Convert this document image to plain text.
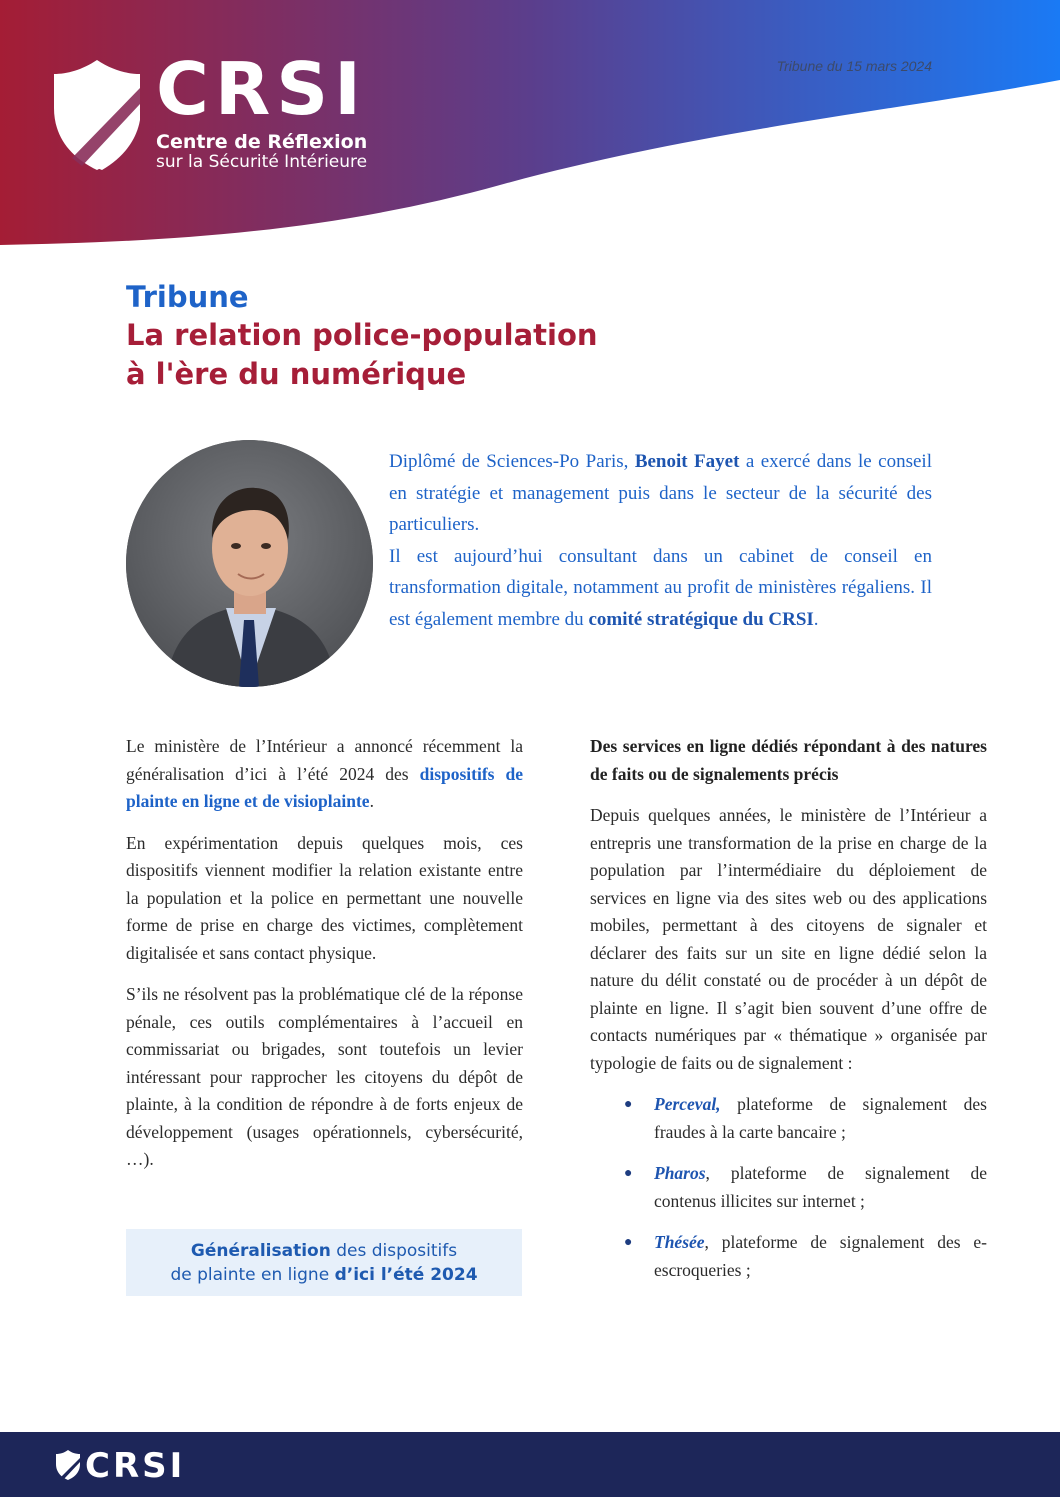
CRSI
Centre de Réflexion
sur la Sécurité Intérieure
Tribune du 15 mars 2024
Tribune
La relation police-population
à l'ère du numérique

Diplômé de Sciences-Po Paris, Benoit Fayet a exercé dans le conseil en stratégie et management puis dans le secteur de la sécurité des particuliers.

Il est aujourd’hui consultant dans un cabinet de conseil en transformation digitale, notamment au profit de ministères régaliens. Il est également membre du comité stratégique du CRSI.

Le ministère de l’Intérieur a annoncé récemment la généralisation d’ici à l’été 2024 des dispositifs de plainte en ligne et de visioplainte.

En expérimentation depuis quelques mois, ces dispositifs viennent modifier la relation existante entre la population et la police en permettant une nouvelle forme de prise en charge des victimes, complètement digitalisée et sans contact physique.

S’ils ne résolvent pas la problématique clé de la réponse pénale, ces outils complémentaires à l’accueil en commissariat ou brigades, sont toutefois un levier intéressant pour rapprocher les citoyens du dépôt de plainte, à la condition de répondre à de forts enjeux de développement (usages opérationnels, cybersécurité, …).

Généralisation des dispositifs
de plainte en ligne d’ici l’été 2024

Des services en ligne dédiés répondant à des natures de faits ou de signalements précis

Depuis quelques années, le ministère de l’Intérieur a entrepris une transformation de la prise en charge de la population par l’intermédiaire du déploiement de services en ligne via des sites web ou des applications mobiles, permettant à des citoyens de signaler et déclarer des faits sur un site en ligne dédié selon la nature du délit constaté ou de procéder à un dépôt de plainte en ligne. Il s’agit bien souvent d’une offre de contacts numériques par « thématique » organisée par typologie de faits ou de signalement :

● Perceval, plateforme de signalement des fraudes à la carte bancaire ;
● Pharos, plateforme de signalement de contenus illicites sur internet ;
● Thésée, plateforme de signalement des e-escroqueries ;
CRSI
